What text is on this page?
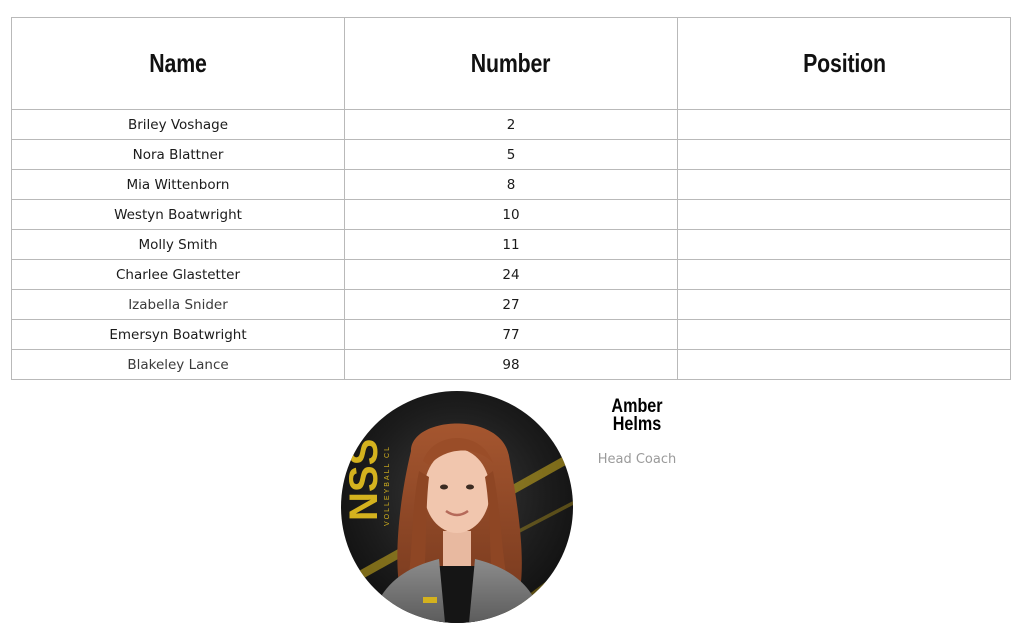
Name	Number	Position
Briley Voshage	2	
Nora Blattner	5	
Mia Wittenborn	8	
Westyn Boatwright	10	
Molly Smith	11	
Charlee Glastetter	24	
Izabella Snider	27	
Emersyn Boatwright	77	
Blakeley Lance	98	
NSS
VOLLEYBALL CL
Amber
Helms
Head Coach
